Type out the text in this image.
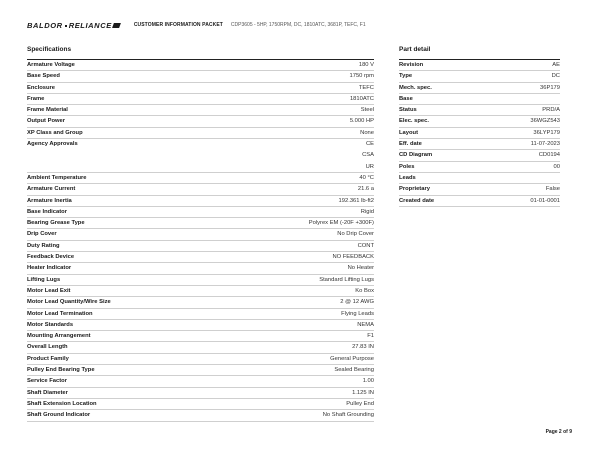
BALDOR RELIANCE	CUSTOMER INFORMATION PACKET CDP3605 - 5HP, 1750RPM, DC, 1810ATC, 3681P, TEFC, F1
Specifications
Armature Voltage	180 V
Base Speed	1750 rpm
Enclosure	TEFC
Frame	1810ATC
Frame Material	Steel
Output Power	5.000 HP
XP Class and Group	None
Agency Approvals	CE
CSA
UR
Ambient Temperature	40 °C
Armature Current	21.6 a
Armature Inertia	192.361 lb-ft2
Base Indicator	Rigid
Bearing Grease Type	Polyrex EM (-20F +300F)
Drip Cover	No Drip Cover
Duty Rating	CONT
Feedback Device	NO FEEDBACK
Heater Indicator	No Heater
Lifting Lugs	Standard Lifting Lugs
Motor Lead Exit	Ko Box
Motor Lead Quantity/Wire Size	2 @ 12 AWG
Motor Lead Termination	Flying Leads
Motor Standards	NEMA
Mounting Arrangement	F1
Overall Length	27.83 IN
Product Family	General Purpose
Pulley End Bearing Type	Sealed Bearing
Service Factor	1.00
Shaft Diameter	1.125 IN
Shaft Extension Location	Pulley End
Shaft Ground Indicator	No Shaft Grounding
Part detail
Revision	AE
Type	DC
Mech. spec.	36P179
Base
Status	PRD/A
Elec. spec.	36WGZ543
Layout	36LYP179
Eff. date	11-07-2023
CD Diagram	CD0194
Poles	00
Leads
Proprietary	False
Created date	01-01-0001
Page 2 of 9
